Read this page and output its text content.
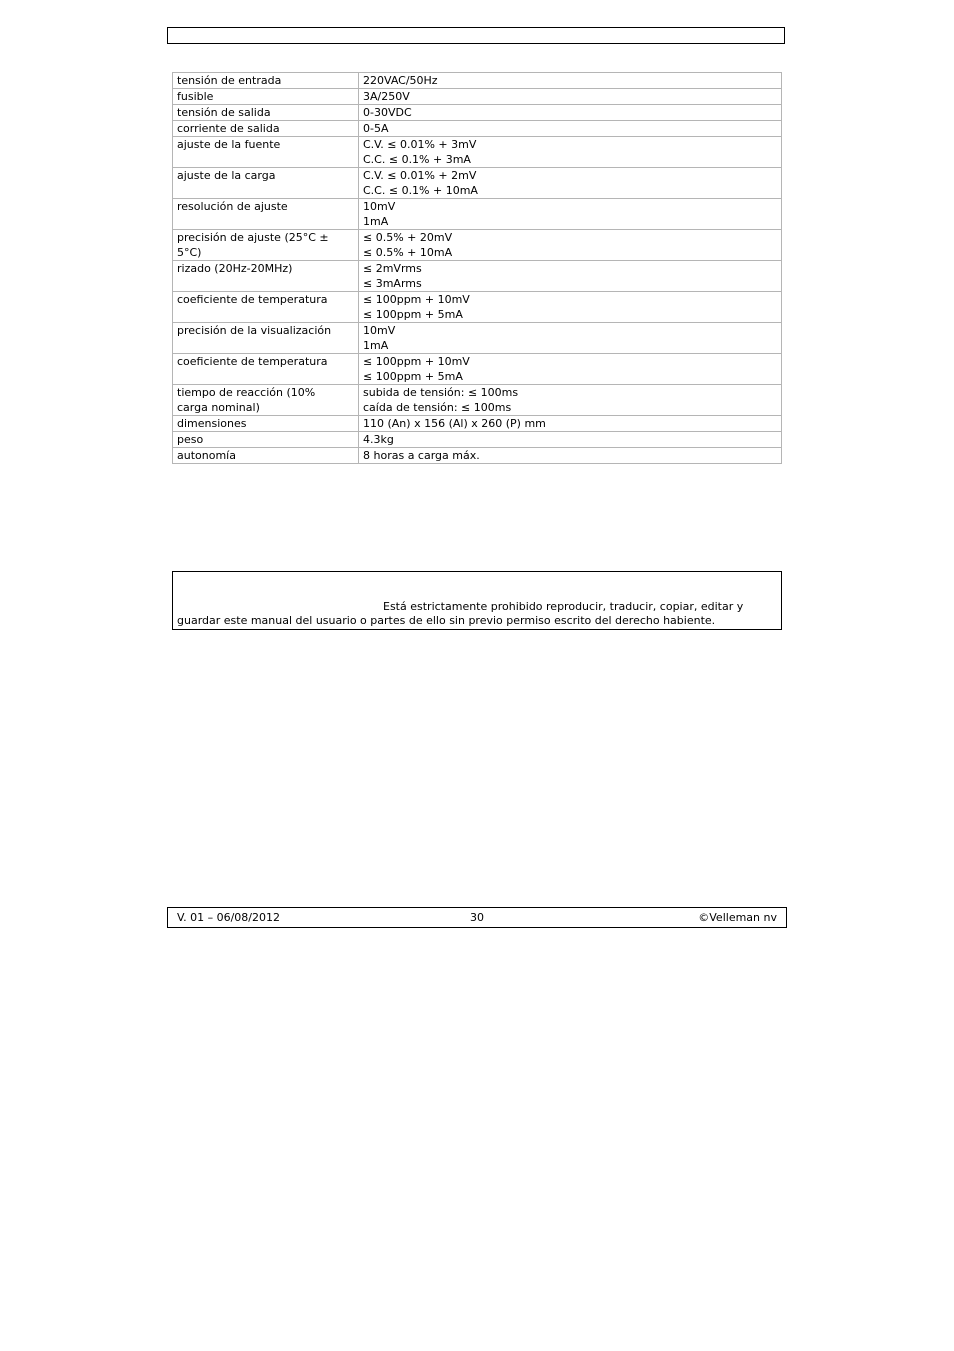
tensión de entrada	220VAC/50Hz

fusible	3A/250V

tensión de salida	0-30VDC

corriente de salida	0-5A

ajuste de la fuente	C.V. ≤ 0.01% + 3mV
C.C. ≤ 0.1% + 3mA

ajuste de la carga	C.V. ≤ 0.01% + 2mV
C.C. ≤ 0.1% + 10mA

resolución de ajuste	10mV
1mA

precisión de ajuste (25°C ±
5°C)	≤ 0.5% + 20mV
≤ 0.5% + 10mA

rizado (20Hz-20MHz)	≤ 2mVrms
≤ 3mArms

coeficiente de temperatura	≤ 100ppm + 10mV
≤ 100ppm + 5mA

precisión de la visualización	10mV
1mA

coeficiente de temperatura	≤ 100ppm + 10mV
≤ 100ppm + 5mA

tiempo de reacción (10%
carga nominal)	subida de tensión: ≤ 100ms
caída de tensión: ≤ 100ms

dimensiones	110 (An) x 156 (Al) x 260 (P) mm

peso	4.3kg

autonomía	8 horas a carga máx.
Está estrictamente prohibido reproducir, traducir, copiar, editar y
guardar este manual del usuario o partes de ello sin previo permiso escrito del derecho habiente.
V. 01 – 06/08/2012	30	©Velleman nv
